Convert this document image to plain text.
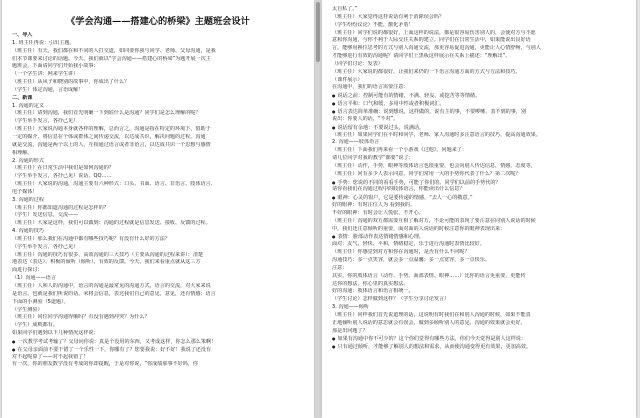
《学会沟通——搭建心的桥梁》主题班会设计
一、导入
1. 班主任再说：引出主题。
（班主任）有天，我们都在和不同的人打交道，如同要你我与同学、老师、父母沟通，是我
们本节课要来讨论的话题。今天，我们就以“学会沟通——搭建心的桥梁”为题开展一次主
题班会，下面请同学们开始我小故事：
（一个学生讲：网来学生讲）
（班主任）从风子和晓别的故事中，你成出了什么？
（学生）体定沟通，言语成解！
二、新课
1. 沟通的定义
（班主任）请到沟通，我们首先明确一下到底什么是沟通？同学们是怎么理解的呢？
（学生举手发言，各抒己见）
（班主任）大家说沟通本身就各样的理解，总而言之，沟通是指在特定的环境下，借助于
一定的媒介，将信息在个体或群体之间传递交流，以达成共识，解决问题的过程。沟通
就是交流，沟通是两个以上的人，互相通过语言或者非语言，以达成共识一个思想与感情
相理解。
2. 沟通的形式
（班主任）在日常生活中我们是如何沟通的？
（学生举手发言，各抒己见）说话、QQ……
（班主任）大家说的沟通，沟通主要有六种形式：口头、书面、语言、非语言、肢体语言、
电子媒体！
3. 沟通的过程
（班主任）你都知道沟通的过程是怎样的？
（学生）发送信息，交流——
（班主任）大家是这样，我们可以做到：沟通的过程就是信息发送、接收、反馈的过程。
4. 沟通的技巧
（班主任）那么我们在沟通中都有哪些技巧呢？有没有什么好的方法？
（学生举手发言，各抒己见）
（班主任）沟通的技巧有很多，高效沟通的三大技巧（主要从沟通的过程来讲）：清楚
地表达（表达）、积极的倾听（倾听）、有效的反馈。今天，我们来看重点就从这三方
面进行探讨：
（1）沟通——语言
（班主任）人和人的沟通中，语言的沟通是最常见的沟通方式，语言的交流，对大家来说
是语言，也就是我们所说的话。米将会信息，表达我们自己的意见，意见，还有情感；语言
下面的小测验（5道题）。
（学生测验）
（班主任）同位同学沟通得顺吗？有没有遇到冲突？为什么？
（学生）成败都有。
如果同学们遇到以下几种情况这样说：
● 一次教学考试考输了？父母问你说：真是个没用的东西，又考成这样，你怎么那么笨啊！
● 在父母亲面前不要干错了一个乐性一下，你哪有了？您要我说：好不好！我说了还没有
对不起呢算了——对不起我错了！
有一次，你的朋友数学没有考成的你却提醒，于是对你说，“你成绩那事不好吗，你
太自私了。”
（班主任）大家觉得这样说话有利于消除误会吗？
（学生纷纷议论）不能，激化矛盾！
（班主任）同学们说的都很好，上面这样的说法，都是很容易伤害别人的，会使对方与不愿
意和你沟通，与你不利于人际交往关系的建立。同学们在日常生活中，如果能说出良好语
言，能够用换位思考的方式与别人沟通交流，那更容易促进沟通，更能让人心情舒畅，与别人
才能够进行有效的沟通呢？请同学们上黑板这样展示在关系上描述：“理解出”。
（同学们讨论：发表）
（班主任）大家说的都很好，让我们来仍的一下语言沟通方面的方式与方法和技巧。
（课件展示）
在沟通中，我们的语言需要注意：
● 说话之前：控制可能有的情绪，不满、轻妄、或挖苦等等情绪。
● 语言平和：口气和缓，多用中性或者积极词汇。
● 语言表达简单准确：说到想说，这样做的，说有主的事，不要啰嗦，表不到的事，别
说出：你要人的话，“不对”。
● 说话留有余地：不要说过头，说满话。
（班主任）如果同学们在平时和同学、老师、家人沟通时多注意语言的技巧，提高沟通效果。
2. 沟通——肢体语言
（班主任）下面我们再来看一个小游戏《过他》，问题来了：
请几位同学对我的教学“都要”说了：
（班主任）动作，手势，眼神等肢体语言也很重要，也会向别人传达信息，情感，态度等，
（班主任）问有多少人表示同意，同学们常用一大的手势你代表了什么？第二次呢？
● 手势：您说的不同的看看手势，可能了你们的。同学们以前的手势代的？
请你看我们在沟通过程中的肢体语言，你能读出什么信息？
● 眼神：心灵的窗户，它是要传递的情感，“去人一心的敬意。”
好的眼神：有时注位人为 看到我的。
不好的眼神：有时会让人慌张，不开心。
（班主任）沟通的双方都需要互相了解对方，不论可能的表现了要注意在同别人说话的时候
中，我们还注意倾听的重要，面对面的人说话的时候注意你的眼神表现出来：
● 表情：脸部动作表达情绪情感和心理。
面对：友气、轻快、平和，情绪稳定，乐于进行沟通时表情比较好。
（班主任）你感觉到对方和你在沟通时，是否有什么不同呢？
沟通技巧：多一点笑容，就会多一点温馨；多一点宽容，多一点快乐。
注意：
其实，你的肢体语言（动作、手势、面部表情、眼神……）比你的语言更重要，更能传
达你的想法，你心里的真实想法。
好的沟通：肢体语言和语言相统一。
（学生讨论）怎样做到这样？（学生分享讨论发言）
3. 沟通——倾听
（班主任）同样我们首先说道理的话，这说明有时我们在和别人沟通的时候，如果不能真
正地倾听别人说话的意思就会有误会，做到多倾听别人的意见，沟通的效果就会更好。
那是出问题了？
● 如果有沟通中你不可少的？这个你们觉得有哪些方法，你们今天觉得是别人这样说：
● 只有通过倾听，才能够了解别人的想法和需求，从而使沟通变得更有效果，更加高效。
